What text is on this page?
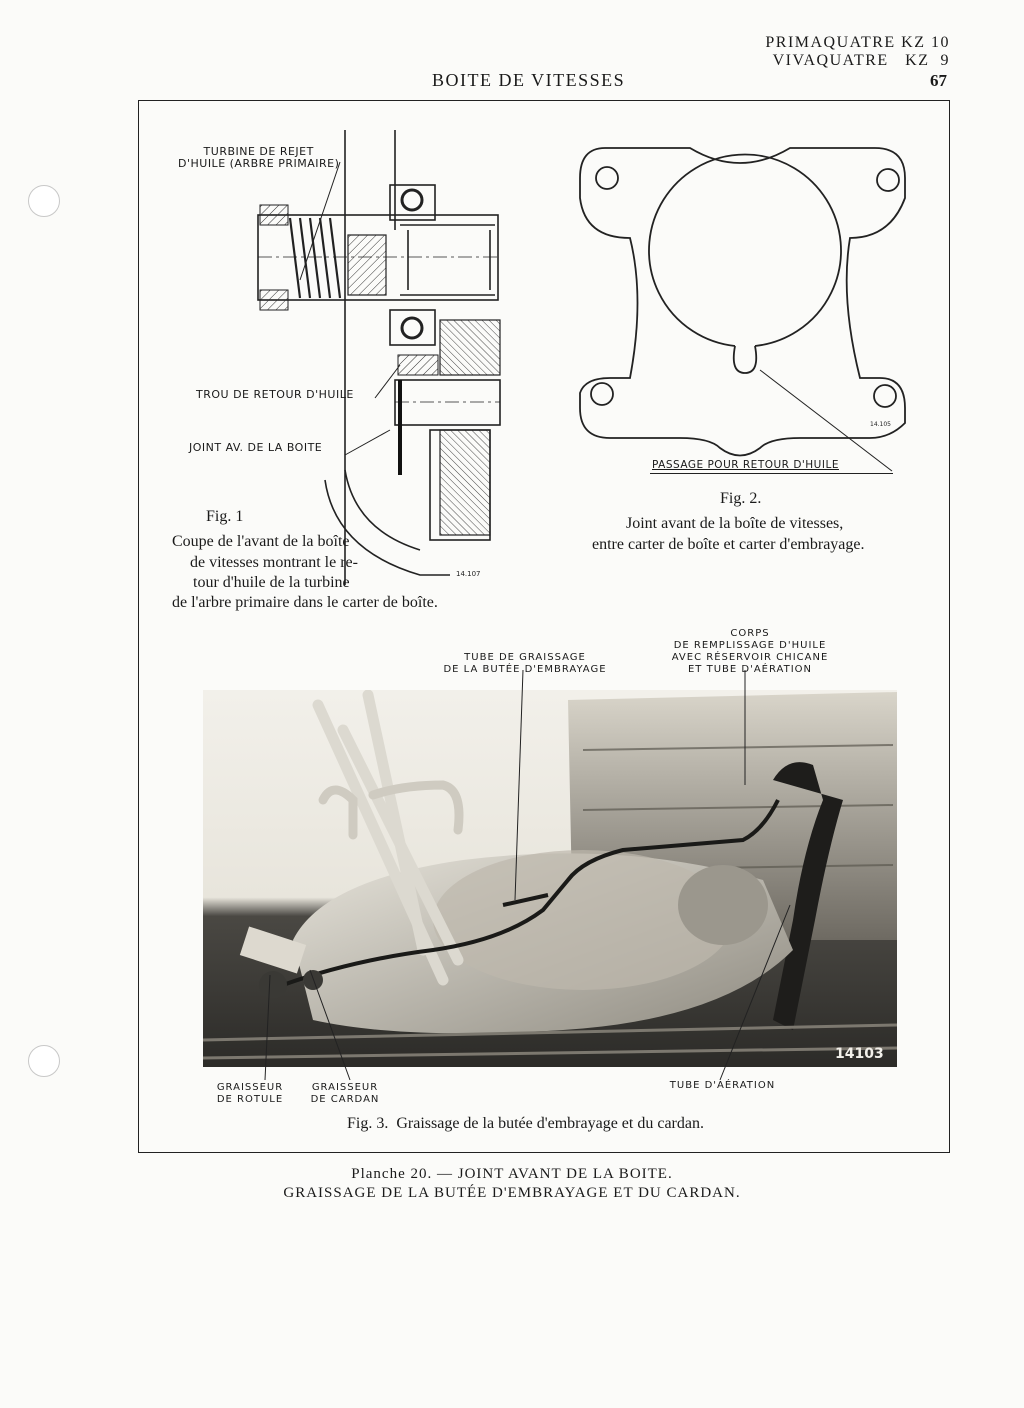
PRIMAQUATRE KZ 10
VIVAQUATRE   KZ  9
BOITE DE VITESSES	67
14.107
TURBINE DE REJET
D'HUILE (ARBRE PRIMAIRE)
TROU DE RETOUR D'HUILE
JOINT AV. DE LA BOITE
Fig. 1
Coupe de l'avant de la boîte
de vitesses montrant le re-
tour d'huile de la turbine
de l'arbre primaire dans le carter de boîte.
14.105
PASSAGE POUR RETOUR D'HUILE
Fig. 2.
Joint avant de la boîte de vitesses,
entre carter de boîte et carter d'embrayage.
TUBE DE GRAISSAGE
DE LA BUTÉE D'EMBRAYAGE
CORPS
DE REMPLISSAGE D'HUILE
AVEC RÉSERVOIR CHICANE
ET TUBE D'AÉRATION
14103
GRAISSEUR
DE ROTULE
GRAISSEUR
DE CARDAN
TUBE D'AÉRATION
Fig. 3.  Graissage de la butée d'embrayage et du cardan.
Planche 20. — JOINT AVANT DE LA BOITE.
GRAISSAGE DE LA BUTÉE D'EMBRAYAGE ET DU CARDAN.
